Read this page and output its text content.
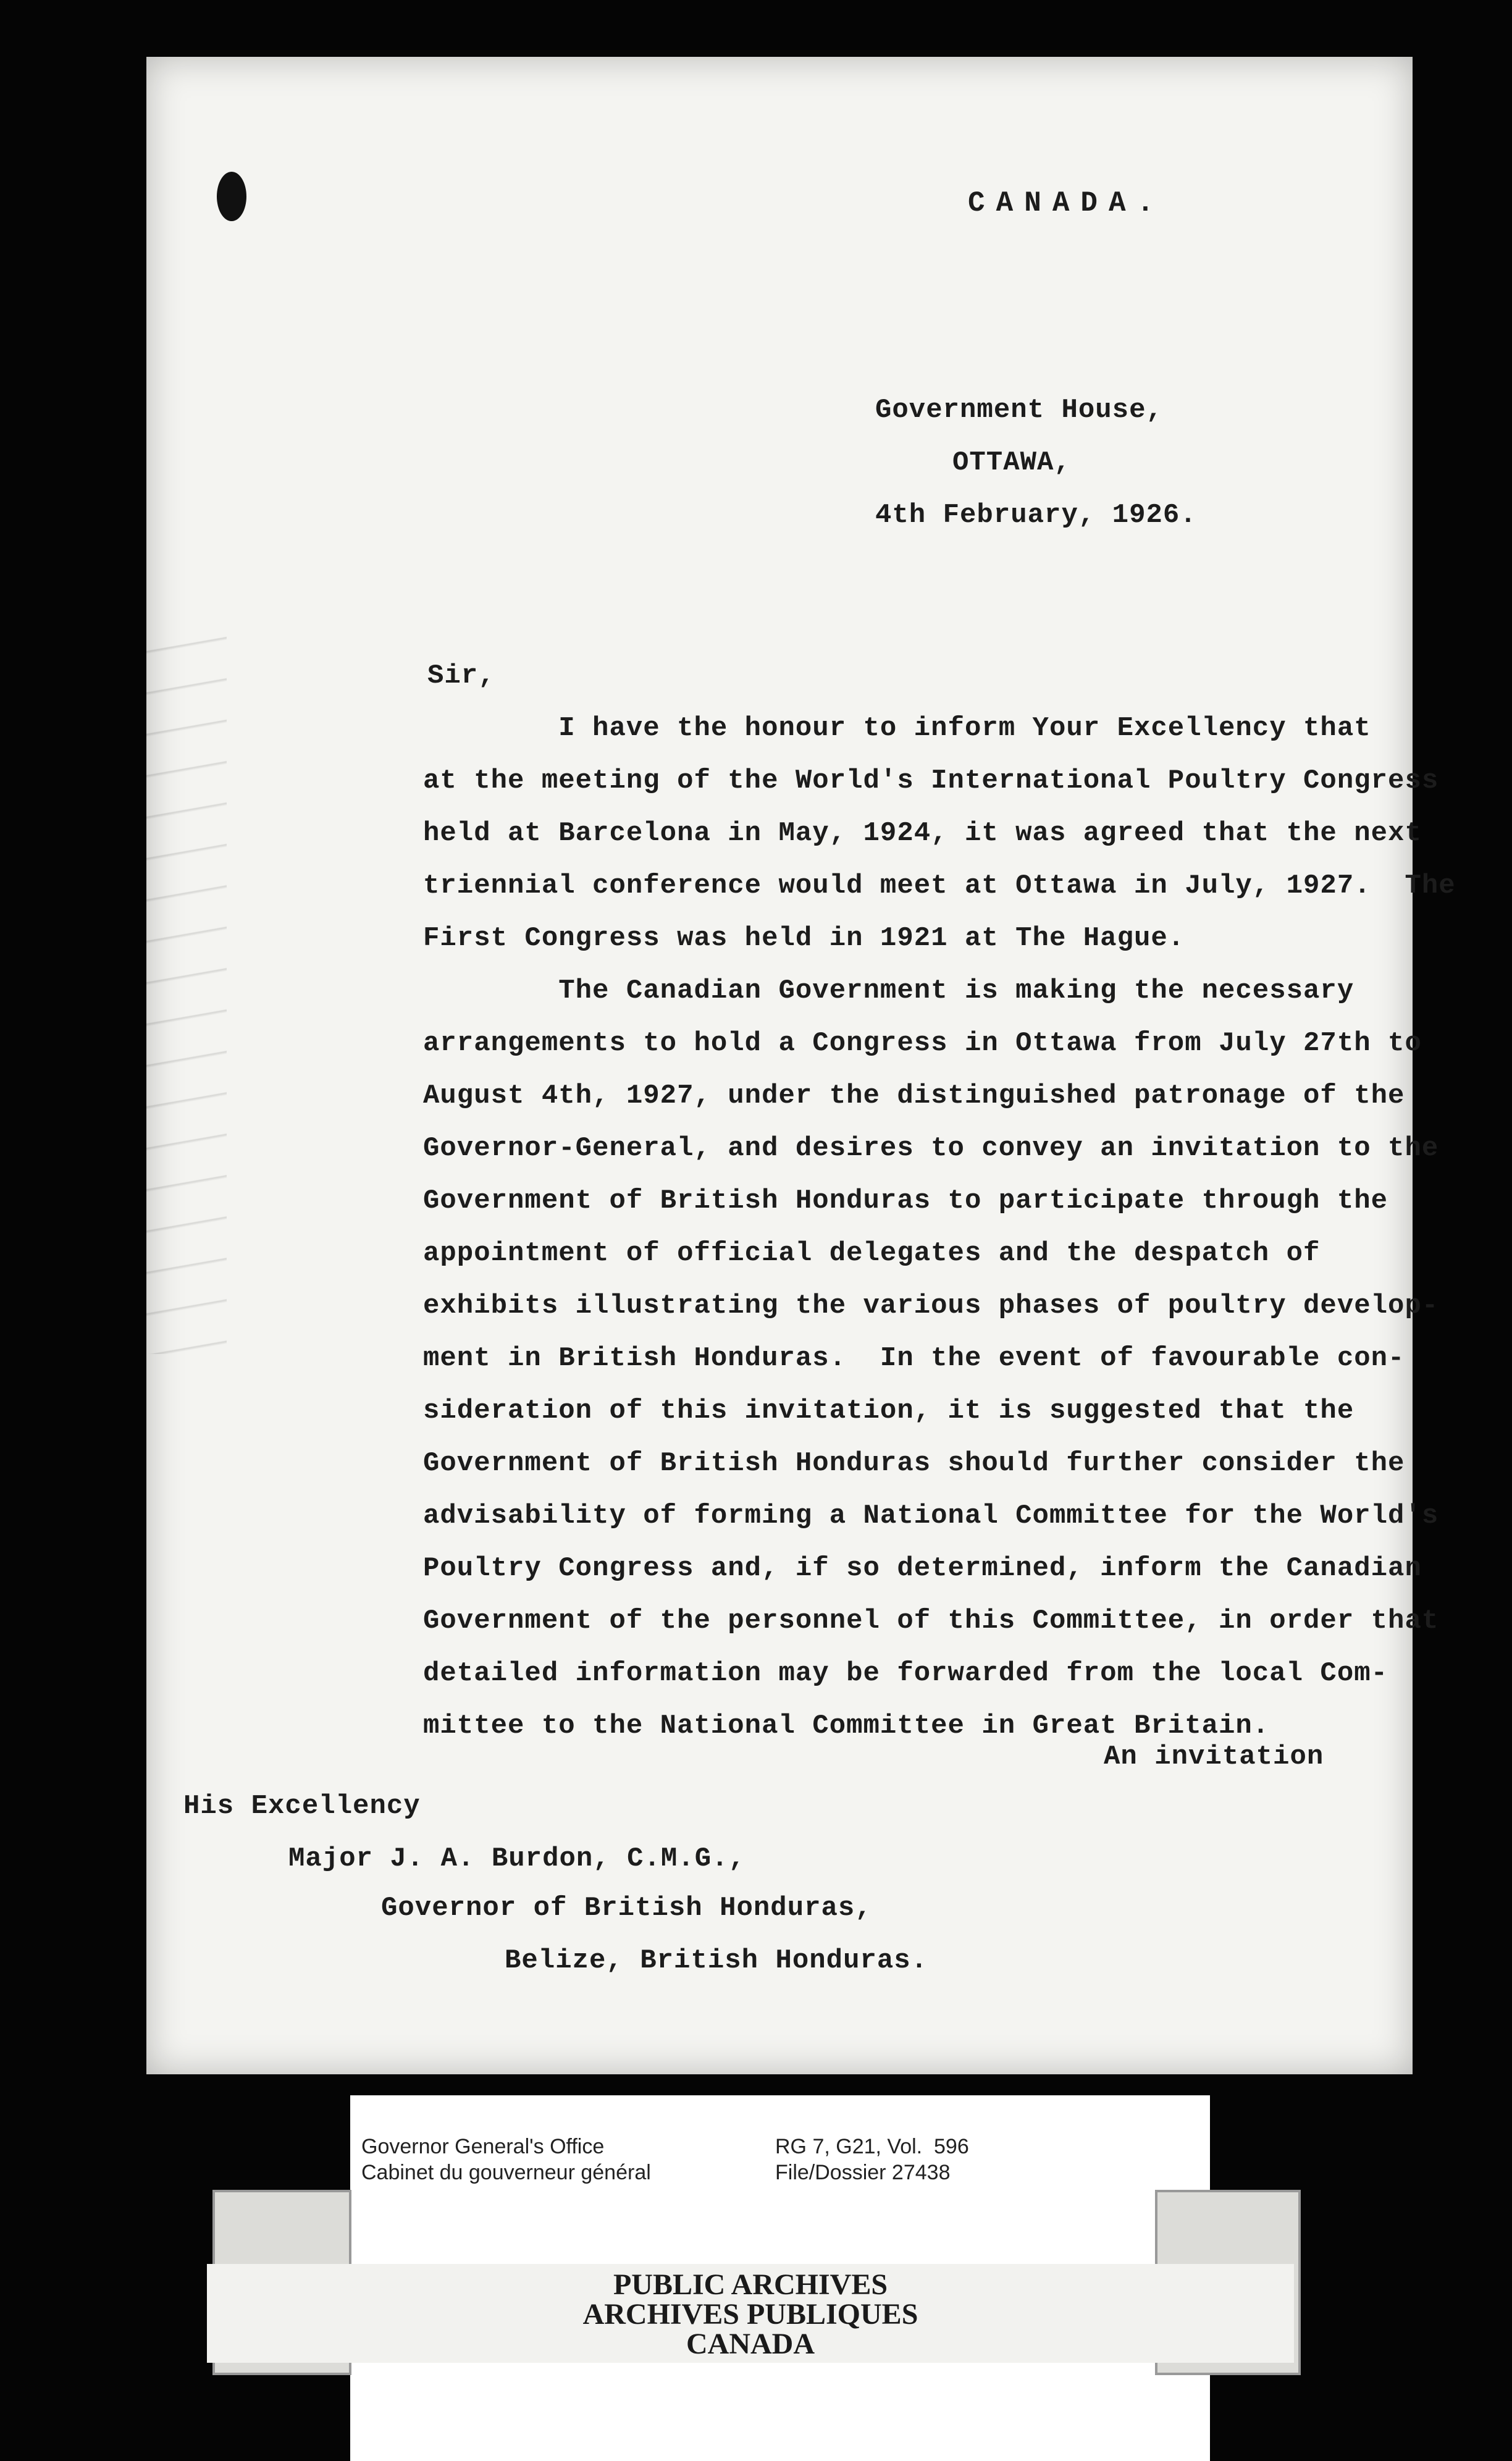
CANADA.
Government House,
OTTAWA,
4th February, 1926.
Sir,
I have the honour to inform Your Excellency that
at the meeting of the World's International Poultry Congress
held at Barcelona in May, 1924, it was agreed that the next
triennial conference would meet at Ottawa in July, 1927.  The
First Congress was held in 1921 at The Hague.
The Canadian Government is making the necessary
arrangements to hold a Congress in Ottawa from July 27th to
August 4th, 1927, under the distinguished patronage of the
Governor-General, and desires to convey an invitation to the
Government of British Honduras to participate through the
appointment of official delegates and the despatch of
exhibits illustrating the various phases of poultry develop-
ment in British Honduras.  In the event of favourable con-
sideration of this invitation, it is suggested that the
Government of British Honduras should further consider the
advisability of forming a National Committee for the World's
Poultry Congress and, if so determined, inform the Canadian
Government of the personnel of this Committee, in order that
detailed information may be forwarded from the local Com-
mittee to the National Committee in Great Britain.
An invitation
His Excellency
Major J. A. Burdon, C.M.G.,
Governor of British Honduras,
Belize, British Honduras.
Governor General's Office
Cabinet du gouverneur général
RG 7, G21, Vol.  596
File/Dossier 27438
PUBLIC ARCHIVES
ARCHIVES PUBLIQUES
CANADA
